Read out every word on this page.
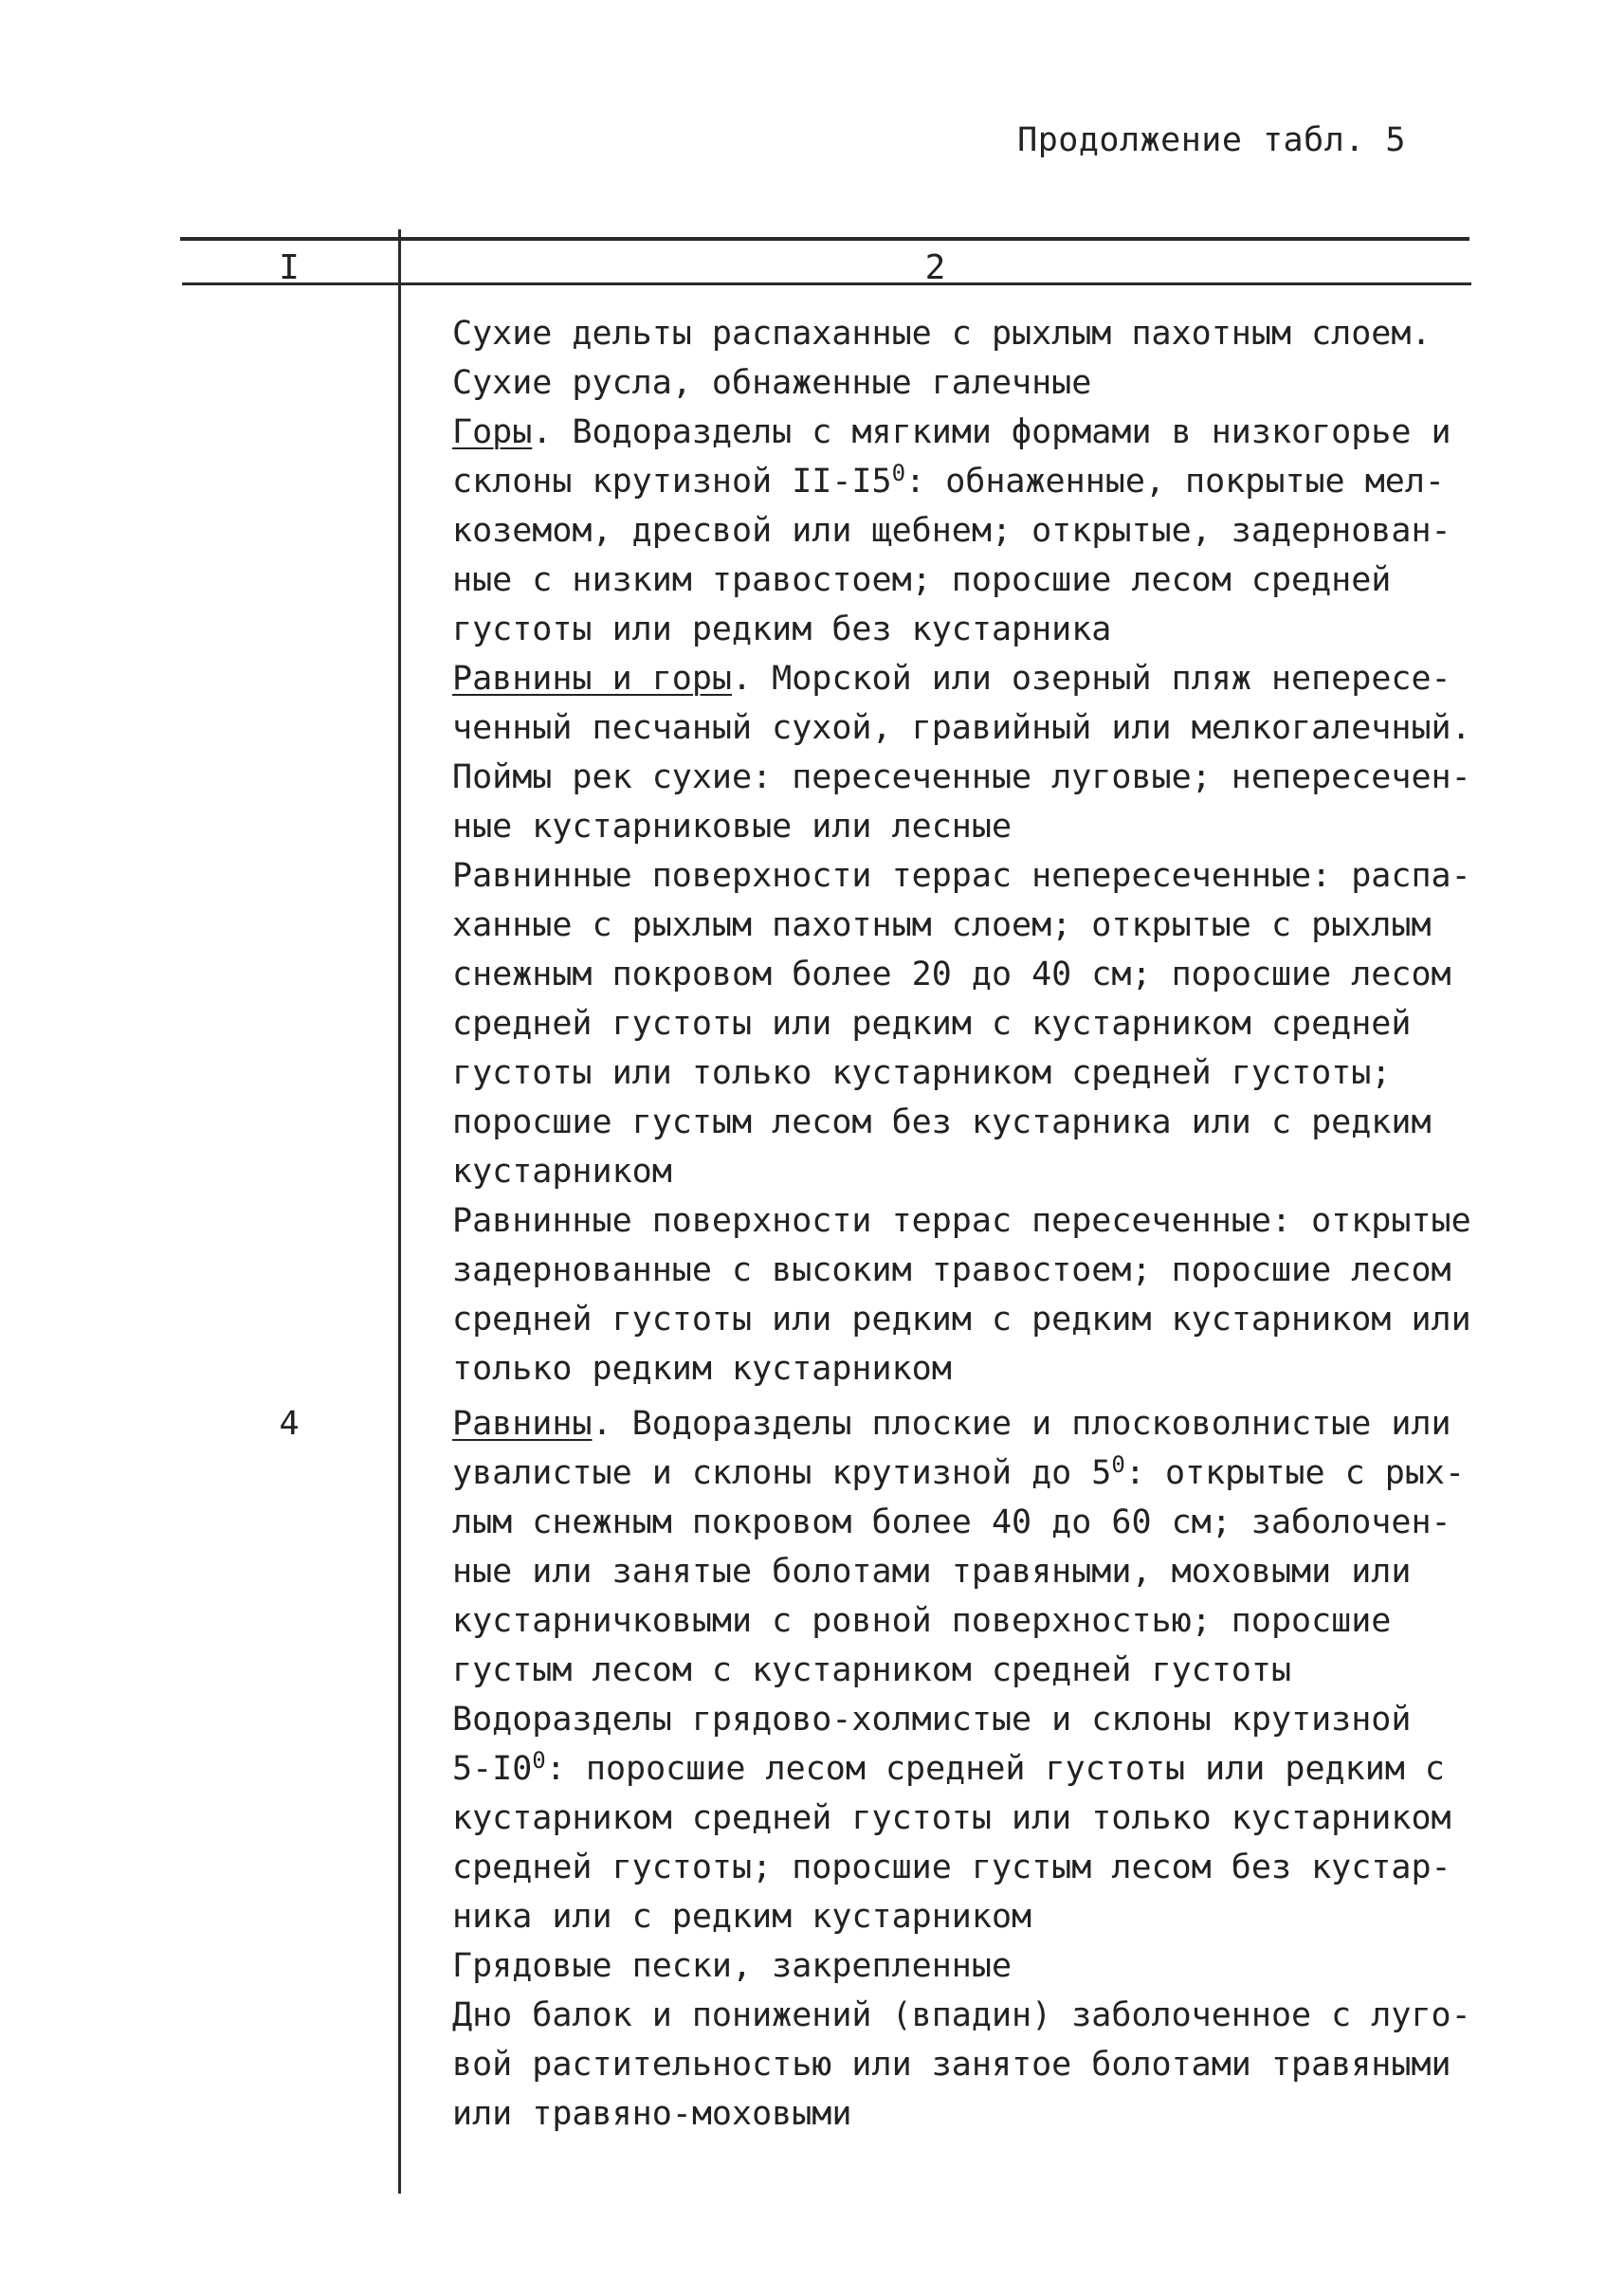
Продолжение табл. 5
I	2
Сухие дельты распаханные с рыхлым пахотным слоем.
Сухие русла, обнаженные галечные
Горы. Водоразделы с мягкими формами в низкогорье и
склоны крутизной $II-I5^0$: обнаженные, покрытые мел-
коземом, дресвой или щебнем; открытые, задернован-
ные с низким травостоем; поросшие лесом средней
густоты или редким без кустарника
Равнины и горы. Морской или озерный пляж непересе-
ченный песчаный сухой, гравийный или мелкогалечный.
Поймы рек сухие: пересеченные луговые; непересечен-
ные кустарниковые или лесные
Равнинные поверхности террас непересеченные: распа-
ханные с рыхлым пахотным слоем; открытые с рыхлым
снежным покровом более 20 до 40 см; поросшие лесом
средней густоты или редким с кустарником средней
густоты или только кустарником средней густоты;
поросшие густым лесом без кустарника или с редким
кустарником
Равнинные поверхности террас пересеченные: открытые
задернованные с высоким травостоем; поросшие лесом
средней густоты или редким с редким кустарником или
только редким кустарником
4	Равнины. Водоразделы плоские и плосковолнистые или
увалистые и склоны крутизной до $5^0$: открытые с рых-
лым снежным покровом более 40 до 60 см; заболочен-
ные или занятые болотами травяными, моховыми или
кустарничковыми с ровной поверхностью; поросшие
густым лесом с кустарником средней густоты
Водоразделы грядово-холмистые и склоны крутизной
$5-I0^0$: поросшие лесом средней густоты или редким с
кустарником средней густоты или только кустарником
средней густоты; поросшие густым лесом без кустар-
ника или с редким кустарником
Грядовые пески, закрепленные
Дно балок и понижений (впадин) заболоченное с луго-
вой растительностью или занятое болотами травяными
или травяно-моховыми
